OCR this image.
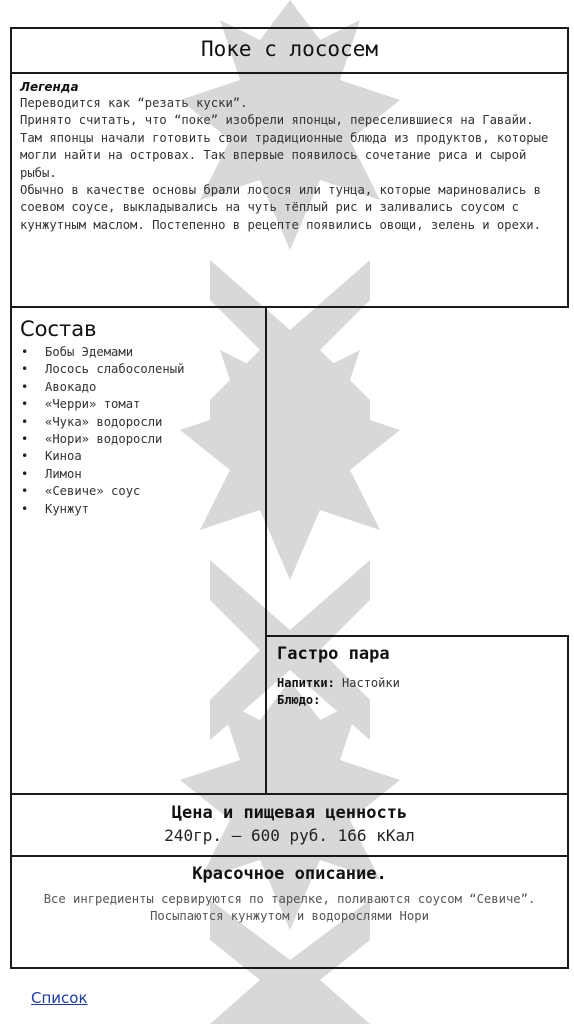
Поке с лососем
Легенда
Переводится как “резать куски”.
Принято считать, что “поке” изобрели японцы, переселившиеся на Гавайи.
Там японцы начали готовить свои традиционные блюда из продуктов, которые могли найти на островах. Так впервые появилось сочетание риса и сырой рыбы.
Обычно в качестве основы брали лосося или тунца, которые мариновались в соевом соусе, выкладывались на чуть тёплый рис и заливались соусом с кунжутным маслом. Постепенно в рецепте появились овощи, зелень и орехи.
Состав
• Бобы Эдемами
• Лосось слабосоленый
• Авокадо
• «Черри» томат
• «Чука» водоросли
• «Нори» водоросли
• Киноа
• Лимон
• «Севиче» соус
• Кунжут
Гастро пара
Напитки: Настойки
Блюдо:
Цена и пищевая ценность
240гр. – 600 руб. 166 кКал
Красочное описание.
Все ингредиенты сервируются по тарелке, поливаются соусом “Севиче”. Посыпаются кунжутом и водорослями Нори
Список
